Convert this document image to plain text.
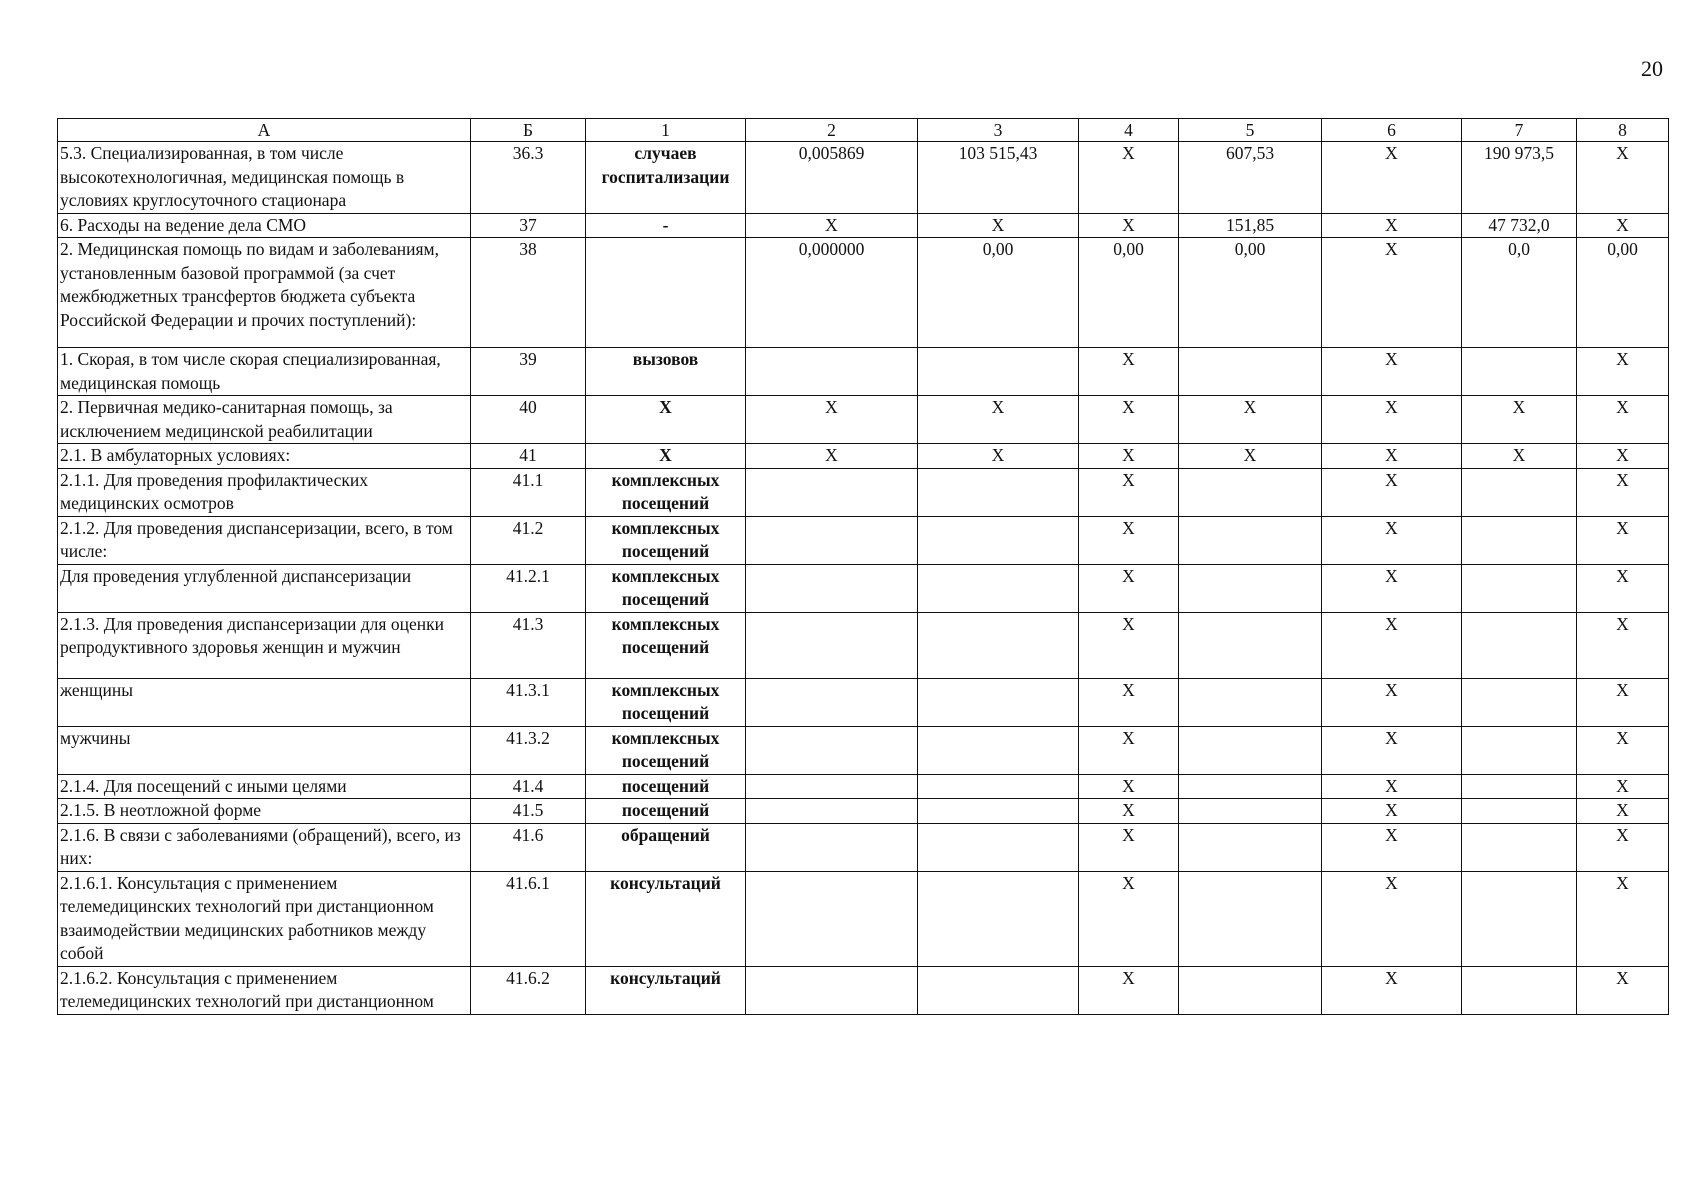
20
А	Б	1	2	3	4	5	6	7	8
5.3. Специализированная, в том числе высокотехнологичная, медицинская помощь в условиях круглосуточного стационара	36.3	случаев госпитализации	0,005869	103 515,43	Х	607,53	Х	190 973,5	Х
6. Расходы на ведение дела СМО	37	-	Х	Х	Х	151,85	Х	47 732,0	Х
2. Медицинская помощь по видам и заболеваниям, установленным базовой программой (за счет межбюджетных трансфертов бюджета субъекта Российской Федерации и прочих поступлений):	38		0,000000	0,00	0,00	0,00	Х	0,0	0,00
1. Скорая, в том числе скорая специализированная, медицинская помощь	39	вызовов			Х		Х		Х
2. Первичная медико-санитарная помощь, за исключением медицинской реабилитации	40	Х	Х	Х	Х	Х	Х	Х	Х
2.1. В амбулаторных условиях:	41	Х	Х	Х	Х	Х	Х	Х	Х
2.1.1. Для проведения профилактических медицинских осмотров	41.1	комплексных посещений			Х		Х		Х
2.1.2. Для проведения диспансеризации, всего, в том числе:	41.2	комплексных посещений			Х		Х		Х
Для проведения углубленной диспансеризации	41.2.1	комплексных посещений			Х		Х		Х
2.1.3. Для проведения диспансеризации для оценки репродуктивного здоровья женщин и мужчин	41.3	комплексных посещений			Х		Х		Х
женщины	41.3.1	комплексных посещений			Х		Х		Х
мужчины	41.3.2	комплексных посещений			Х		Х		Х
2.1.4. Для посещений с иными целями	41.4	посещений			Х		Х		Х
2.1.5. В неотложной форме	41.5	посещений			Х		Х		Х
2.1.6. В связи с заболеваниями (обращений), всего, из них:	41.6	обращений			Х		Х		Х
2.1.6.1. Консультация с применением телемедицинских технологий при дистанционном взаимодействии медицинских работников между собой	41.6.1	консультаций			Х		Х		Х
2.1.6.2. Консультация с применением телемедицинских технологий при дистанционном	41.6.2	консультаций			Х		Х		Х
